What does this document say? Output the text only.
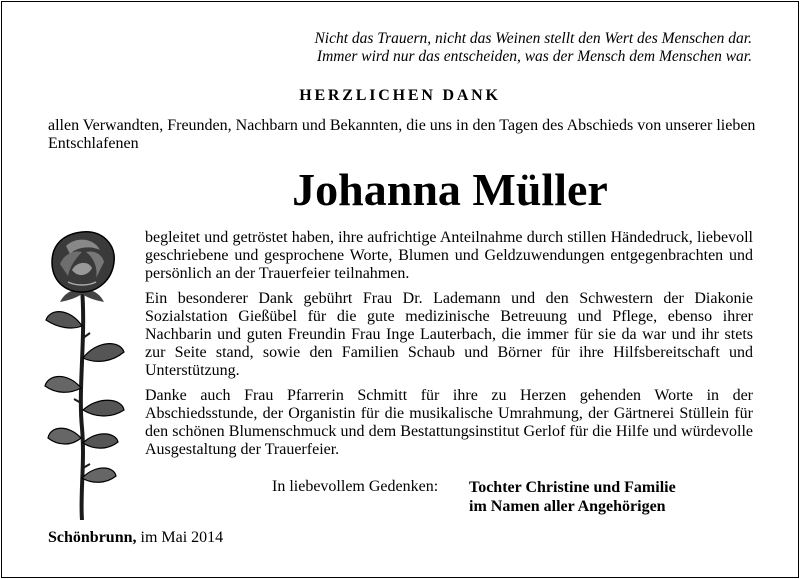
Nicht das Trauern, nicht das Weinen stellt den Wert des Menschen dar.
Immer wird nur das entscheiden, was der Mensch dem Menschen war.
HERZLICHEN DANK
allen Verwandten, Freunden, Nachbarn und Bekannten, die uns in den Tagen des Abschieds von unserer lieben Entschlafenen
Johanna Müller

begleitet und getröstet haben, ihre aufrichtige Anteilnahme durch stillen Händedruck, liebevoll geschriebene und gesprochene Worte, Blumen und Geldzuwendungen entgegenbrachten und persönlich an der Trauerfeier teilnahmen.

Ein besonderer Dank gebührt Frau Dr. Lademann und den Schwestern der Diakonie Sozialstation Gießübel für die gute medizinische Betreuung und Pflege, ebenso ihrer Nachbarin und guten Freundin Frau Inge Lauterbach, die immer für sie da war und ihr stets zur Seite stand, sowie den Familien Schaub und Börner für ihre Hilfsbereitschaft und Unterstützung.

Danke auch Frau Pfarrerin Schmitt für ihre zu Herzen gehenden Worte in der Abschiedsstunde, der Organistin für die musikalische Umrahmung, der Gärtnerei Stüllein für den schönen Blumenschmuck und dem Bestattungsinstitut Gerlof für die Hilfe und würdevolle Ausgestaltung der Trauerfeier.

In liebevollem Gedenken: Tochter Christine und Familie
im Namen aller Angehörigen
Schönbrunn, im Mai 2014
